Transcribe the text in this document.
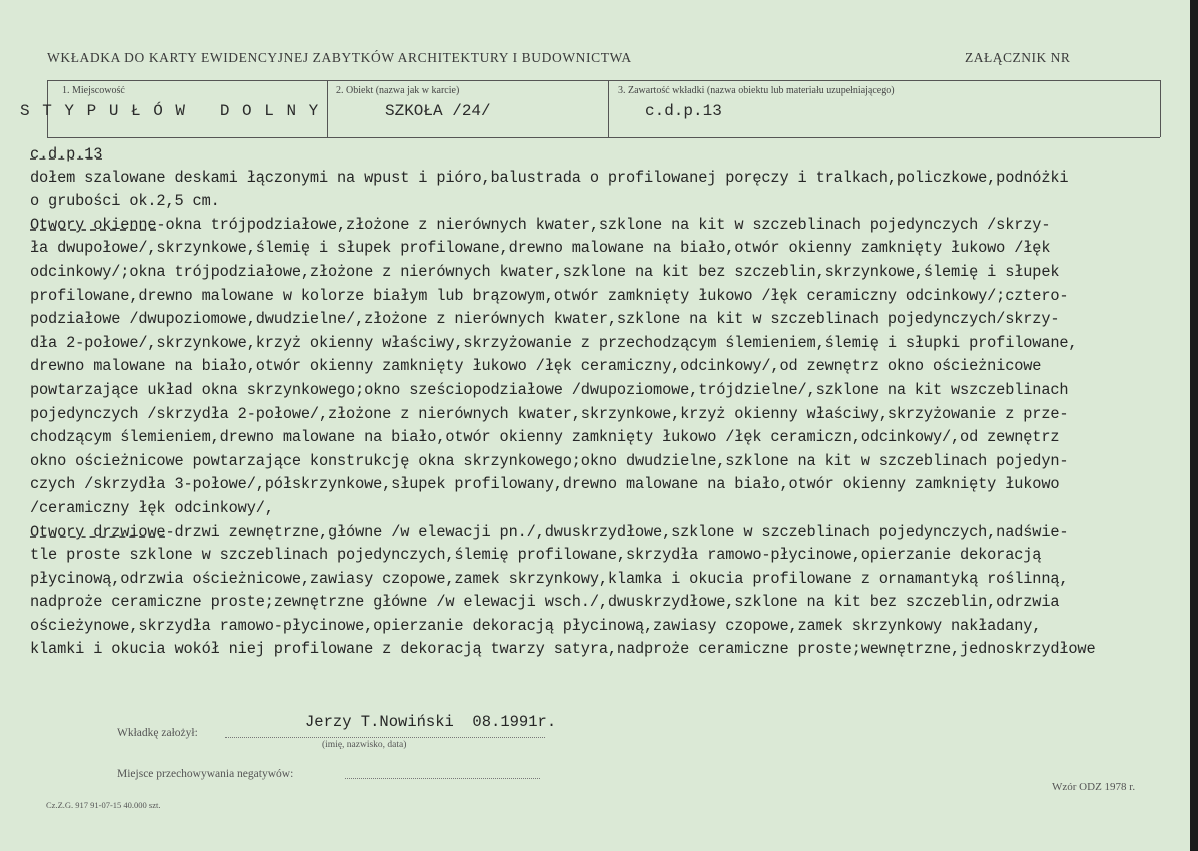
WKŁADKA DO KARTY EWIDENCYJNEJ ZABYTKÓW ARCHITEKTURY I BUDOWNICTWA	ZAŁĄCZNIK NR
1. Miejscowość	2. Obiekt (nazwa jak w karcie)	3. Zawartość wkładki (nazwa obiektu lub materiału uzupełniającego)
S T Y P U Ł Ó W   D O L N Y	SZKOŁA /24/	c.d.p.13
c.d.p.13
dołem szalowane deskami łączonymi na wpust i pióro,balustrada o profilowanej poręczy i tralkach,policzkowe,podnóżki
o grubości ok.2,5 cm.
Otwory okienne-okna trójpodziałowe,złożone z nierównych kwater,szklone na kit w szczeblinach pojedynczych /skrzy-
ła dwupołowe/,skrzynkowe,ślemię i słupek profilowane,drewno malowane na biało,otwór okienny zamknięty łukowo /łęk
odcinkowy/;okna trójpodziałowe,złożone z nierównych kwater,szklone na kit bez szczeblin,skrzynkowe,ślemię i słupek
profilowane,drewno malowane w kolorze białym lub brązowym,otwór zamknięty łukowo /łęk ceramiczny odcinkowy/;cztero-
podziałowe /dwupoziomowe,dwudzielne/,złożone z nierównych kwater,szklone na kit w szczeblinach pojedynczych/skrzy-
dła 2-połowe/,skrzynkowe,krzyż okienny właściwy,skrzyżowanie z przechodzącym ślemieniem,ślemię i słupki profilowane,
drewno malowane na biało,otwór okienny zamknięty łukowo /łęk ceramiczny,odcinkowy/,od zewnętrz okno ościeżnicowe
powtarzające układ okna skrzynkowego;okno sześciopodziałowe /dwupoziomowe,trójdzielne/,szklone na kit wszczeblinach
pojedynczych /skrzydła 2-połowe/,złożone z nierównych kwater,skrzynkowe,krzyż okienny właściwy,skrzyżowanie z prze-
chodzącym ślemieniem,drewno malowane na biało,otwór okienny zamknięty łukowo /łęk ceramiczn,odcinkowy/,od zewnętrz
okno ościeżnicowe powtarzające konstrukcję okna skrzynkowego;okno dwudzielne,szklone na kit w szczeblinach pojedyn-
czych /skrzydła 3-połowe/,półskrzynkowe,słupek profilowany,drewno malowane na biało,otwór okienny zamknięty łukowo
/ceramiczny łęk odcinkowy/,
Otwory drzwiowe-drzwi zewnętrzne,główne /w elewacji pn./,dwuskrzydłowe,szklone w szczeblinach pojedynczych,nadświe-
tle proste szklone w szczeblinach pojedynczych,ślemię profilowane,skrzydła ramowo-płycinowe,opierzanie dekoracją
płycinową,odrzwia ościeżnicowe,zawiasy czopowe,zamek skrzynkowy,klamka i okucia profilowane z ornamantyką roślinną,
nadproże ceramiczne proste;zewnętrzne główne /w elewacji wsch./,dwuskrzydłowe,szklone na kit bez szczeblin,odrzwia
ościeżynowe,skrzydła ramowo-płycinowe,opierzanie dekoracją płycinową,zawiasy czopowe,zamek skrzynkowy nakładany,
klamki i okucia wokół niej profilowane z dekoracją twarzy satyra,nadproże ceramiczne proste;wewnętrzne,jednoskrzydłowe
Wkładkę założył:
Jerzy T.Nowiński  08.1991r.
(imię, nazwisko, data)
Miejsce przechowywania negatywów:
Wzór ODZ 1978 r.
Cz.Z.G. 917 91-07-15 40.000 szt.
